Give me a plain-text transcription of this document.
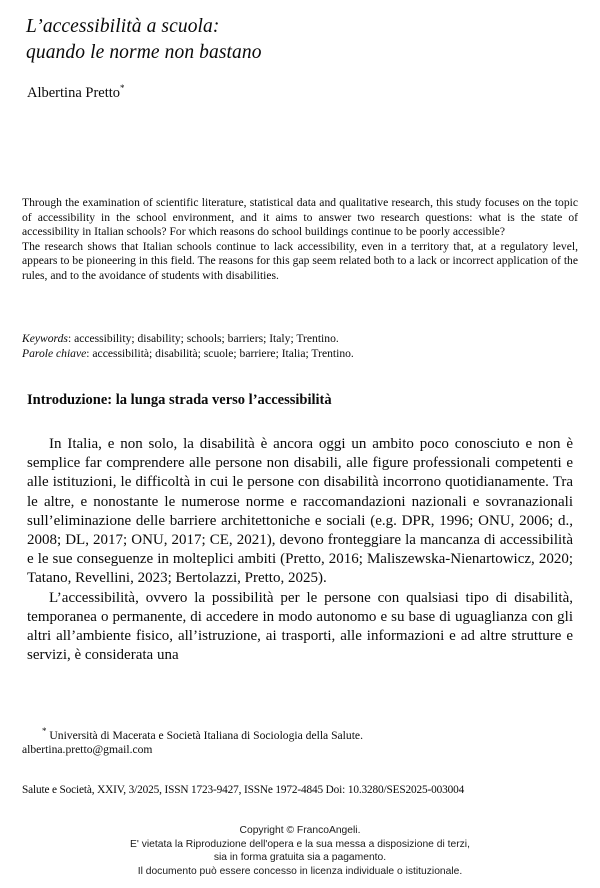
L’accessibilità a scuola:
quando le norme non bastano
Albertina Pretto*

Through the examination of scientific literature, statistical data and qualitative research, this study focuses on the topic of accessibility in the school environment, and it aims to answer two research questions: what is the state of accessibility in Italian schools? For which reasons do school buildings continue to be poorly accessible?

The research shows that Italian schools continue to lack accessibility, even in a territory that, at a regulatory level, appears to be pioneering in this field. The reasons for this gap seem related both to a lack or incorrect application of the rules, and to the avoidance of students with disabilities.

Keywords: accessibility; disability; schools; barriers; Italy; Trentino.
Parole chiave: accessibilità; disabilità; scuole; barriere; Italia; Trentino.
Introduzione: la lunga strada verso l’accessibilità

In Italia, e non solo, la disabilità è ancora oggi un ambito poco conosciuto e non è semplice far comprendere alle persone non disabili, alle figure professionali competenti e alle istituzioni, le difficoltà in cui le persone con disabilità incorrono quotidianamente. Tra le altre, e nonostante le numerose norme e raccomandazioni nazionali e sovranazionali sull’eliminazione delle barriere architettoniche e sociali (e.g. DPR, 1996; ONU, 2006; d., 2008; DL, 2017; ONU, 2017; CE, 2021), devono fronteggiare la mancanza di accessibilità e le sue conseguenze in molteplici ambiti (Pretto, 2016; Maliszewska-Nienartowicz, 2020; Tatano, Revellini, 2023; Bertolazzi, Pretto, 2025).

L’accessibilità, ovvero la possibilità per le persone con qualsiasi tipo di disabilità, temporanea o permanente, di accedere in modo autonomo e su base di uguaglianza con gli altri all’ambiente fisico, all’istruzione, ai trasporti, alle informazioni e ad altre strutture e servizi, è considerata una

* Università di Macerata e Società Italiana di Sociologia della Salute.
albertina.pretto@gmail.com
Salute e Società, XXIV, 3/2025, ISSN 1723-9427, ISSNe 1972-4845 Doi: 10.3280/SES2025-003004
Copyright © FrancoAngeli.
E' vietata la Riproduzione dell'opera e la sua messa a disposizione di terzi,
sia in forma gratuita sia a pagamento.
Il documento può essere concesso in licenza individuale o istituzionale.
